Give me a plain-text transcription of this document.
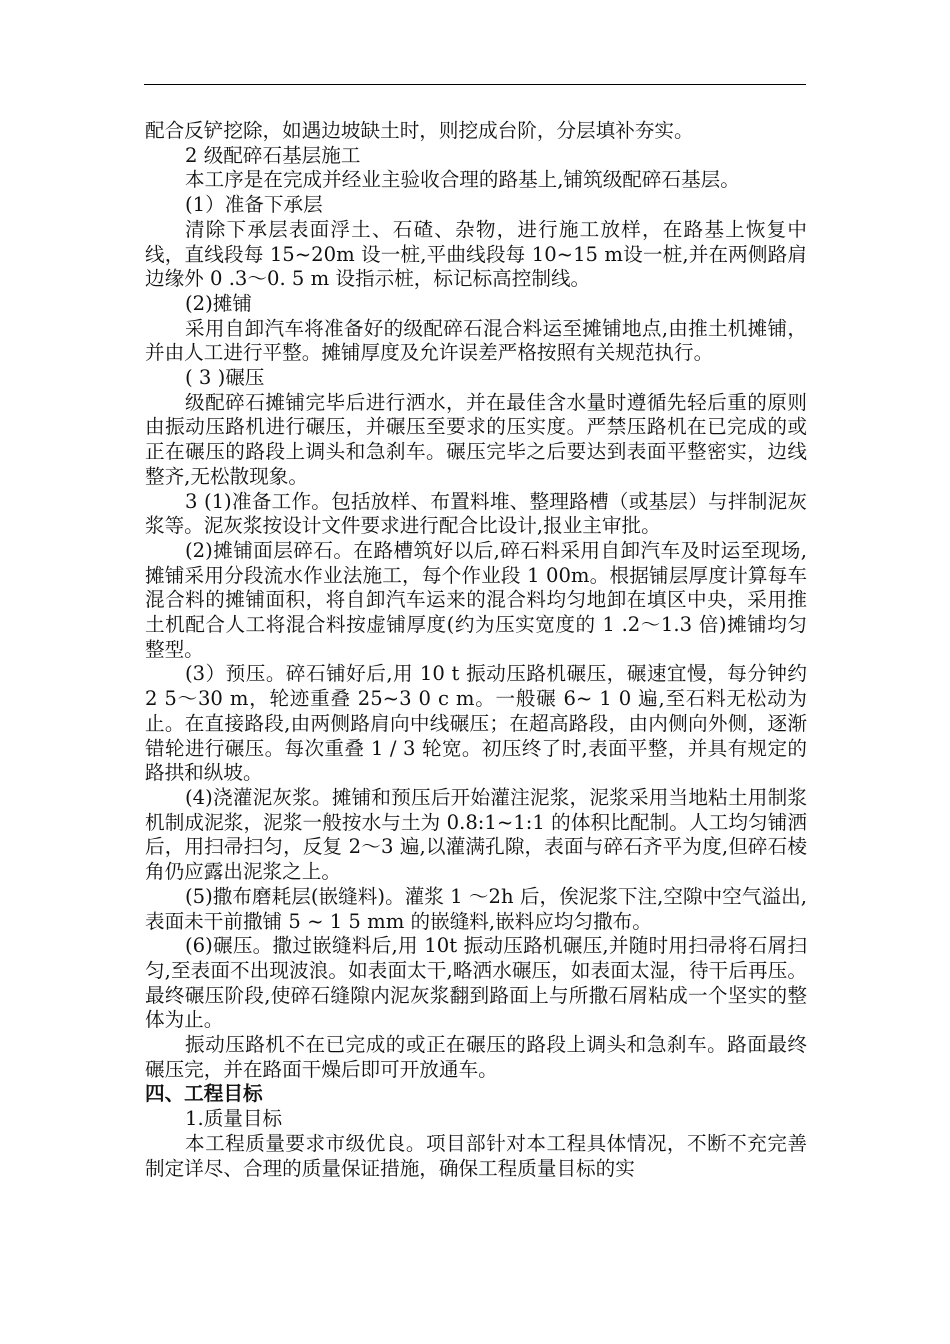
配合反铲挖除，如遇边坡缺土时，则挖成台阶，分层填补夯实。

2 级配碎石基层施工

本工序是在完成并经业主验收合理的路基上,铺筑级配碎石基层。

(1）准备下承层

清除下承层表面浮土、石碴、杂物，进行施工放样，在路基上恢复中线，直线段每 15~20m 设一桩,平曲线段每 10~15 m设一桩,并在两侧路肩边缘外 0 .3～0. 5 m 设指示桩，标记标高控制线。

(2)摊铺

采用自卸汽车将准备好的级配碎石混合料运至摊铺地点,由推土机摊铺，并由人工进行平整。摊铺厚度及允许误差严格按照有关规范执行。

( 3 )碾压

级配碎石摊铺完毕后进行洒水，并在最佳含水量时遵循先轻后重的原则由振动压路机进行碾压，并碾压至要求的压实度。严禁压路机在已完成的或正在碾压的路段上调头和急刹车。碾压完毕之后要达到表面平整密实，边线整齐,无松散现象。

3 (1)准备工作。包括放样、布置料堆、整理路槽（或基层）与拌制泥灰浆等。泥灰浆按设计文件要求进行配合比设计,报业主审批。

(2)摊铺面层碎石。在路槽筑好以后,碎石料采用自卸汽车及时运至现场,摊铺采用分段流水作业法施工，每个作业段 1 00m。根据铺层厚度计算每车混合料的摊铺面积，将自卸汽车运来的混合料均匀地卸在填区中央，采用推土机配合人工将混合料按虚铺厚度(约为压实宽度的 1 .2～1.3 倍)摊铺均匀整型。

(3）预压。碎石铺好后,用 10 t 振动压路机碾压，碾速宜慢，每分钟约 2 5～30 m，轮迹重叠 25~3 0 c m。一般碾 6~ 1 0 遍,至石料无松动为止。在直接路段,由两侧路肩向中线碾压；在超高路段，由内侧向外侧，逐渐错轮进行碾压。每次重叠 1 / 3 轮宽。初压终了时,表面平整，并具有规定的路拱和纵坡。

(4)浇灌泥灰浆。摊铺和预压后开始灌注泥浆，泥浆采用当地粘土用制浆机制成泥浆，泥浆一般按水与土为 0.8:1~1:1 的体积比配制。人工均匀铺洒后，用扫帚扫匀，反复 2～3 遍,以灌满孔隙，表面与碎石齐平为度,但碎石棱角仍应露出泥浆之上。

(5)撒布磨耗层(嵌缝料)。灌浆 1 ～2h 后，俟泥浆下注,空隙中空气溢出,表面未干前撒铺 5 ~ 1 5 mm 的嵌缝料,嵌料应均匀撒布。

(6)碾压。撒过嵌缝料后,用 10t 振动压路机碾压,并随时用扫帚将石屑扫匀,至表面不出现波浪。如表面太干,略洒水碾压，如表面太湿，待干后再压。最终碾压阶段,使碎石缝隙内泥灰浆翻到路面上与所撒石屑粘成一个坚实的整体为止。

振动压路机不在已完成的或正在碾压的路段上调头和急刹车。路面最终碾压完，并在路面干燥后即可开放通车。

四、工程目标

1.质量目标

本工程质量要求市级优良。项目部针对本工程具体情况，不断不充完善制定详尽、合理的质量保证措施，确保工程质量目标的实
